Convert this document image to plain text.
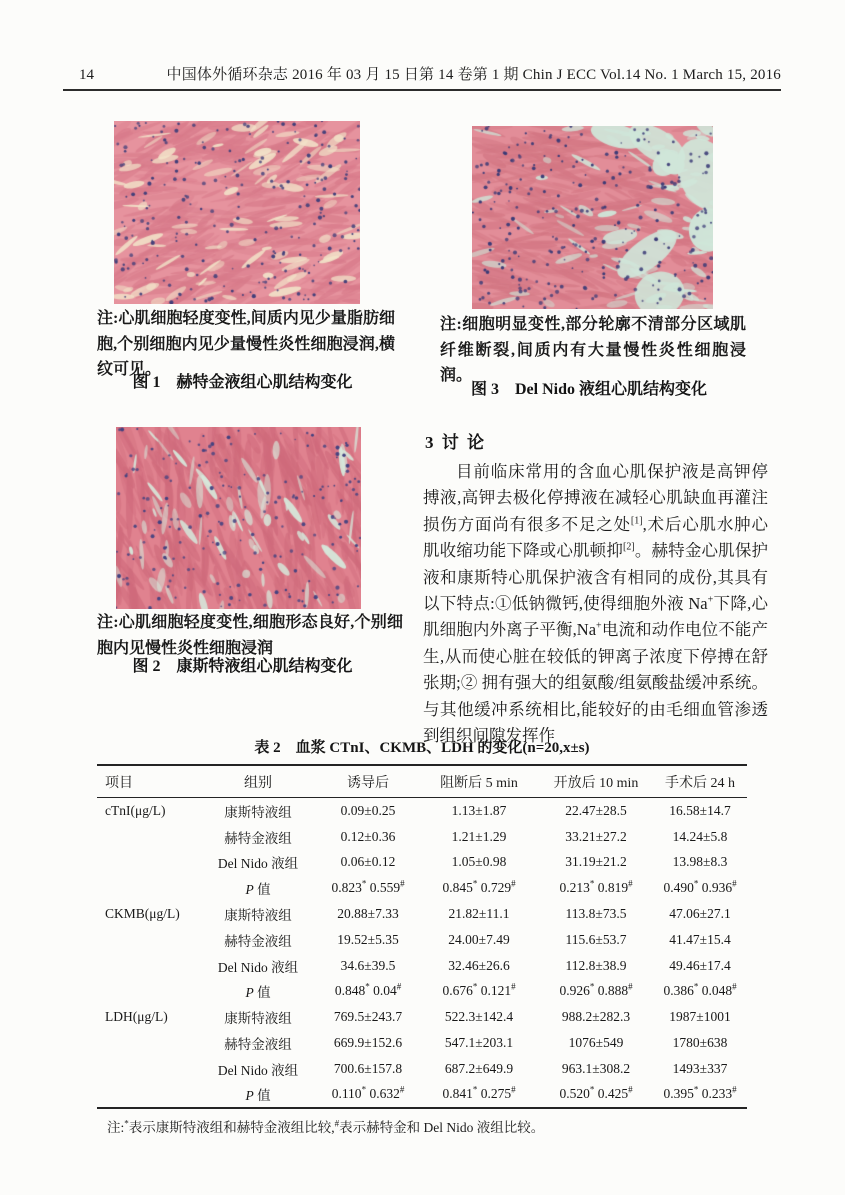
14	中国体外循环杂志 2016 年 03 月 15 日第 14 卷第 1 期 Chin J ECC Vol.14 No. 1 March 15, 2016
注:心肌细胞轻度变性,间质内见少量脂肪细胞,个别细胞内见少量慢性炎性细胞浸润,横纹可见。
图 1　赫特金液组心肌结构变化
注:心肌细胞轻度变性,细胞形态良好,个别细胞内见慢性炎性细胞浸润
图 2　康斯特液组心肌结构变化
注:细胞明显变性,部分轮廓不清部分区域肌纤维断裂,间质内有大量慢性炎性细胞浸润。
图 3　Del Nido 液组心肌结构变化
3 讨 论
目前临床常用的含血心肌保护液是高钾停搏液,高钾去极化停搏液在减轻心肌缺血再灌注损伤方面尚有很多不足之处[1],术后心肌水肿心肌收缩功能下降或心肌顿抑[2]。赫特金心肌保护液和康斯特心肌保护液含有相同的成份,其具有以下特点:①低钠微钙,使得细胞外液 Na+下降,心肌细胞内外离子平衡,Na+电流和动作电位不能产生,从而使心脏在较低的钾离子浓度下停搏在舒张期;② 拥有强大的组氨酸/组氨酸盐缓冲系统。与其他缓冲系统相比,能较好的由毛细血管渗透到组织间隙发挥作
表 2　血浆 CTnI、CKMB、LDH 的变化(n=20,x±s)
项目	组别	诱导后	阻断后 5 min	开放后 10 min	手术后 24 h
cTnI(μg/L)	康斯特液组	0.09±0.25	1.13±1.87	22.47±28.5	16.58±14.7
	赫特金液组	0.12±0.36	1.21±1.29	33.21±27.2	14.24±5.8
	Del Nido 液组	0.06±0.12	1.05±0.98	31.19±21.2	13.98±8.3
	P 值	0.823* 0.559#	0.845* 0.729#	0.213* 0.819#	0.490* 0.936#
CKMB(μg/L)	康斯特液组	20.88±7.33	21.82±11.1	113.8±73.5	47.06±27.1
	赫特金液组	19.52±5.35	24.00±7.49	115.6±53.7	41.47±15.4
	Del Nido 液组	34.6±39.5	32.46±26.6	112.8±38.9	49.46±17.4
	P 值	0.848* 0.04#	0.676* 0.121#	0.926* 0.888#	0.386* 0.048#
LDH(μg/L)	康斯特液组	769.5±243.7	522.3±142.4	988.2±282.3	1987±1001
	赫特金液组	669.9±152.6	547.1±203.1	1076±549	1780±638
	Del Nido 液组	700.6±157.8	687.2±649.9	963.1±308.2	1493±337
	P 值	0.110* 0.632#	0.841* 0.275#	0.520* 0.425#	0.395* 0.233#
注:*表示康斯特液组和赫特金液组比较,#表示赫特金和 Del Nido 液组比较。
